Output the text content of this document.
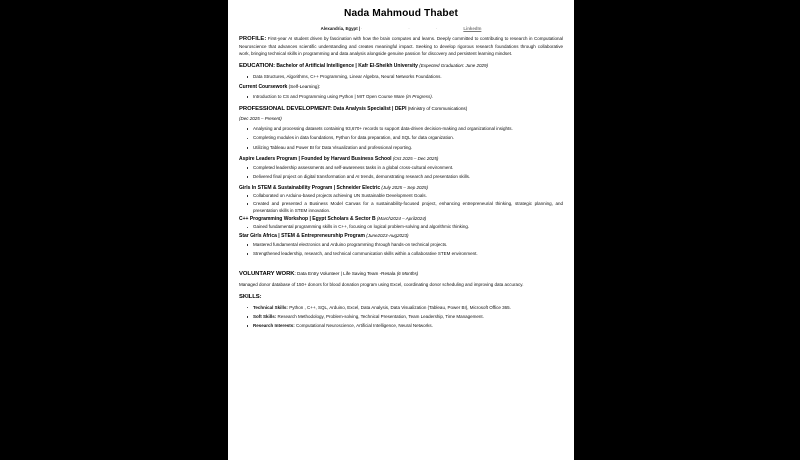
Nada Mahmoud Thabet
Alexandria, Egypt | ·	·	·	LinkedIn
PROFILE: First-year AI student driven by fascination with how the brain computes and learns. Deeply committed to contributing to research in Computational Neuroscience that advances scientific understanding and creates meaningful impact. Seeking to develop rigorous research foundations through collaborative work, bringing technical skills in programming and data analysis alongside genuine passion for discovery and persistent learning mindset.
EDUCATION: Bachelor of Artificial Intelligence | Kafr El-Sheikh University (Expected Graduation: June 2029)
Data Structures, Algorithms, C++ Programming, Linear Algebra, Neural Networks Foundations.
Current Coursework (Self-Learning):
Introduction to CS and Programming using Python | MIT Open Course Ware (In Progress).
PROFESSIONAL DEVELOPMENT: Data Analysis Specialist | DEPI (Ministry of Communications)
(Dec 2025 – Present)
Analysing and processing datasets containing 93,670+ records to support data-driven decision-making and organizational insights.
Completing modules in data foundations, Python for data preparation, and SQL for data organization.
Utilizing Tableau and Power BI for Data Visualization and professional reporting.
Aspire Leaders Program | Founded by Harvard Business School (Oct 2025 – Dec 2025)
Completed leadership assessments and self-awareness tasks in a global cross-cultural environment.
Delivered final project on digital transformation and AI trends, demonstrating research and presentation skills.
Girls In STEM & Sustainability Program | Schneider Electric (July 2025 – Sep 2025)
Collaborated on Arduino-based projects achieving UN Sustainable Development Goals.
Created and presented a Business Model Canvas for a sustainability-focused project, enhancing entrepreneurial thinking, strategic planning, and presentation skills in STEM innovation.
C++ Programming Workshop | Egypt Scholars & Sector B (March2024 – April2024)
Gained fundamental programming skills in C++, focusing on logical problem-solving and algorithmic thinking.
Star Girls Africa | STEM & Entrepreneurship Program (June2023-Aug2023)
Mastered fundamental electronics and Arduino programming through hands-on technical projects.
Strengthened leadership, research, and technical communication skills within a collaborative STEM environment.
VOLUNTARY WORK: Data Entry Volunteer | Life Saving Team -Resala (6 Months)
Managed donor database of 150+ donors for blood donation program using Excel, coordinating donor scheduling and improving data accuracy.
SKILLS:
Technical Skills: Python , C++, SQL, Arduino, Excel, Data Analysis, Data Visualization (Tableau, Power BI), Microsoft Office 365.
Soft Skills: Research Methodology, Problem-solving, Technical Presentation, Team Leadership, Time Management.
Research Interests: Computational Neuroscience, Artificial Intelligence, Neural Networks.
